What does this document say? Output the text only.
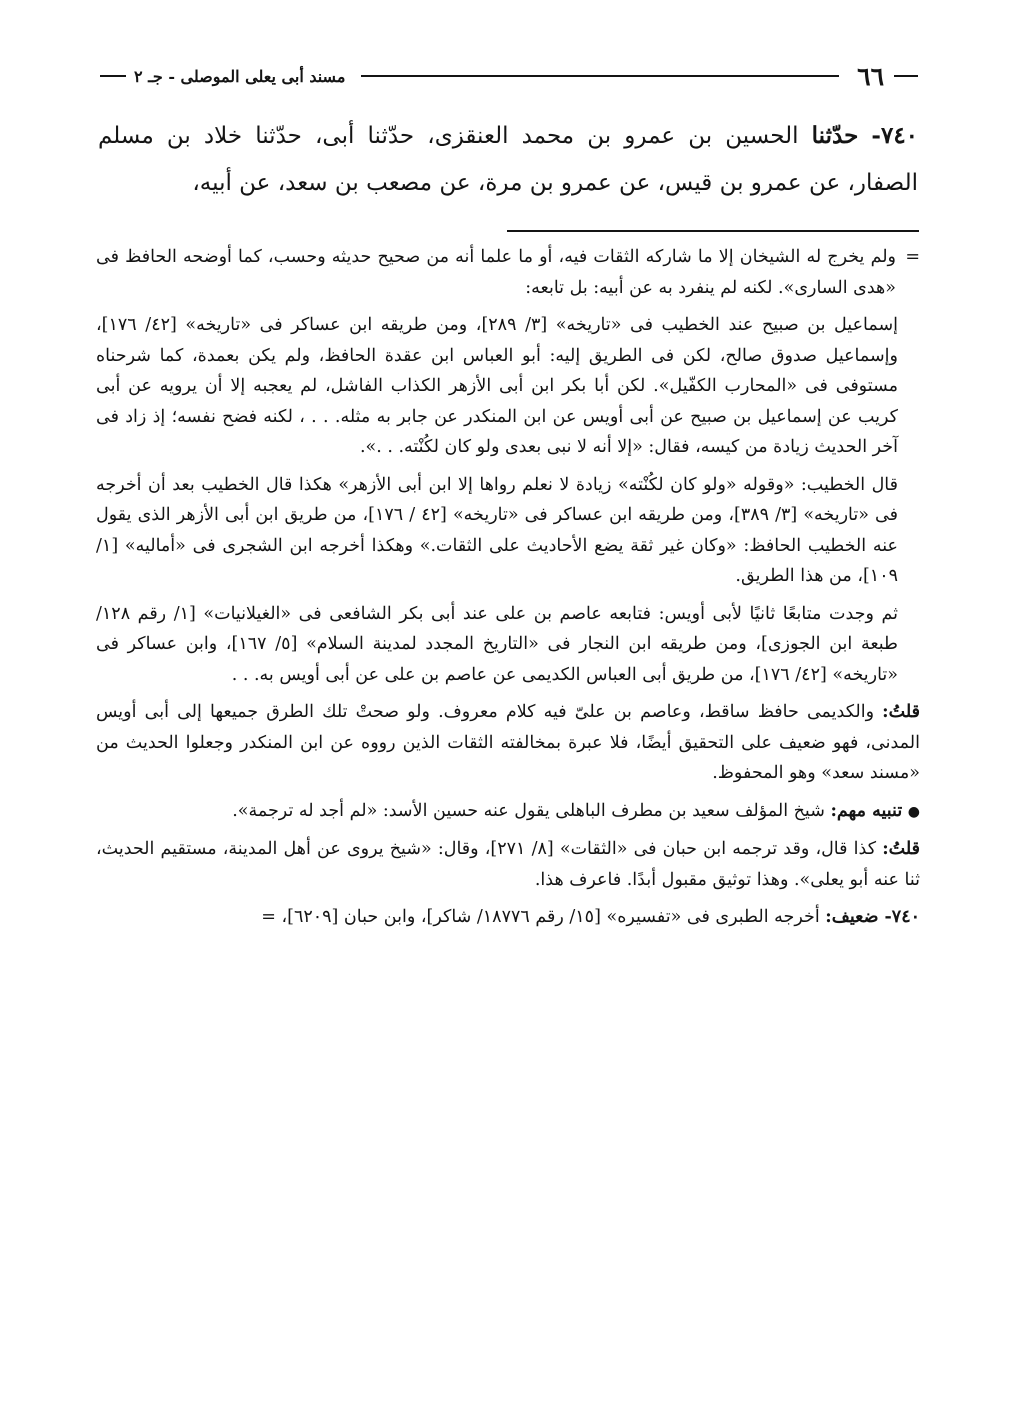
٦٦
مسند أبى يعلى الموصلى - جـ ٢
٧٤٠- حدّثنا الحسين بن عمرو بن محمد العنقزى، حدّثنا أبى، حدّثنا خلاد بن مسلم الصفار، عن عمرو بن قيس، عن عمرو بن مرة، عن مصعب بن سعد، عن أبيه،

=
ولم يخرج له الشيخان إلا ما شاركه الثقات فيه، أو ما علما أنه من صحيح حديثه وحسب، كما أوضحه الحافظ فى «هدى السارى». لكنه لم ينفرد به عن أبيه: بل تابعه:

إسماعيل بن صبيح عند الخطيب فى «تاريخه» [٣/ ٢٨٩]، ومن طريقه ابن عساكر فى «تاريخه» [٤٢/ ١٧٦]، وإسماعيل صدوق صالح، لكن فى الطريق إليه: أبو العباس ابن عقدة الحافظ، ولم يكن بعمدة، كما شرحناه مستوفى فى «المحارب الكفّيل». لكن أبا بكر ابن أبى الأزهر الكذاب الفاشل، لم يعجبه إلا أن يرويه عن أبى كريب عن إسماعيل بن صبيح عن أبى أويس عن ابن المنكدر عن جابر به مثله. . . ، لكنه فضح نفسه؛ إذ زاد فى آخر الحديث زيادة من كيسه، فقال: «إلا أنه لا نبى بعدى ولو كان لكُنْته. . .».

قال الخطيب: «وقوله «ولو كان لكُنْته» زيادة لا نعلم رواها إلا ابن أبى الأزهر» هكذا قال الخطيب بعد أن أخرجه فى «تاريخه» [٣/ ٣٨٩]، ومن طريقه ابن عساكر فى «تاريخه» [٤٢ / ١٧٦]، من طريق ابن أبى الأزهر الذى يقول عنه الخطيب الحافظ: «وكان غير ثقة يضع الأحاديث على الثقات.» وهكذا أخرجه ابن الشجرى فى «أماليه» [١/ ١٠٩]، من هذا الطريق.

ثم وجدت متابعًا ثانيًا لأبى أويس: فتابعه عاصم بن على عند أبى بكر الشافعى فى «الغيلانيات» [١/ رقم ١٢٨/ طبعة ابن الجوزى]، ومن طريقه ابن النجار فى «التاريخ المجدد لمدينة السلام» [٥/ ١٦٧]، وابن عساكر فى «تاريخه» [٤٢/ ١٧٦]، من طريق أبى العباس الكديمى عن عاصم بن على عن أبى أويس به. . .

قلتُ: والكديمى حافظ ساقط، وعاصم بن علىّ فيه كلام معروف. ولو صحتْ تلك الطرق جميعها إلى أبى أويس المدنى، فهو ضعيف على التحقيق أيضًا، فلا عبرة بمخالفته الثقات الذين رووه عن ابن المنكدر وجعلوا الحديث من «مسند سعد» وهو المحفوظ.

● تنبيه مهم: شيخ المؤلف سعيد بن مطرف الباهلى يقول عنه حسين الأسد: «لم أجد له ترجمة».

قلتُ: كذا قال، وقد ترجمه ابن حبان فى «الثقات» [٨/ ٢٧١]، وقال: «شيخ يروى عن أهل المدينة، مستقيم الحديث، ثنا عنه أبو يعلى». وهذا توثيق مقبول أبدًا. فاعرف هذا.

٧٤٠- ضعيف: أخرجه الطبرى فى «تفسيره» [١٥/ رقم ١٨٧٧٦/ شاكر]، وابن حبان [٦٢٠٩]، =
